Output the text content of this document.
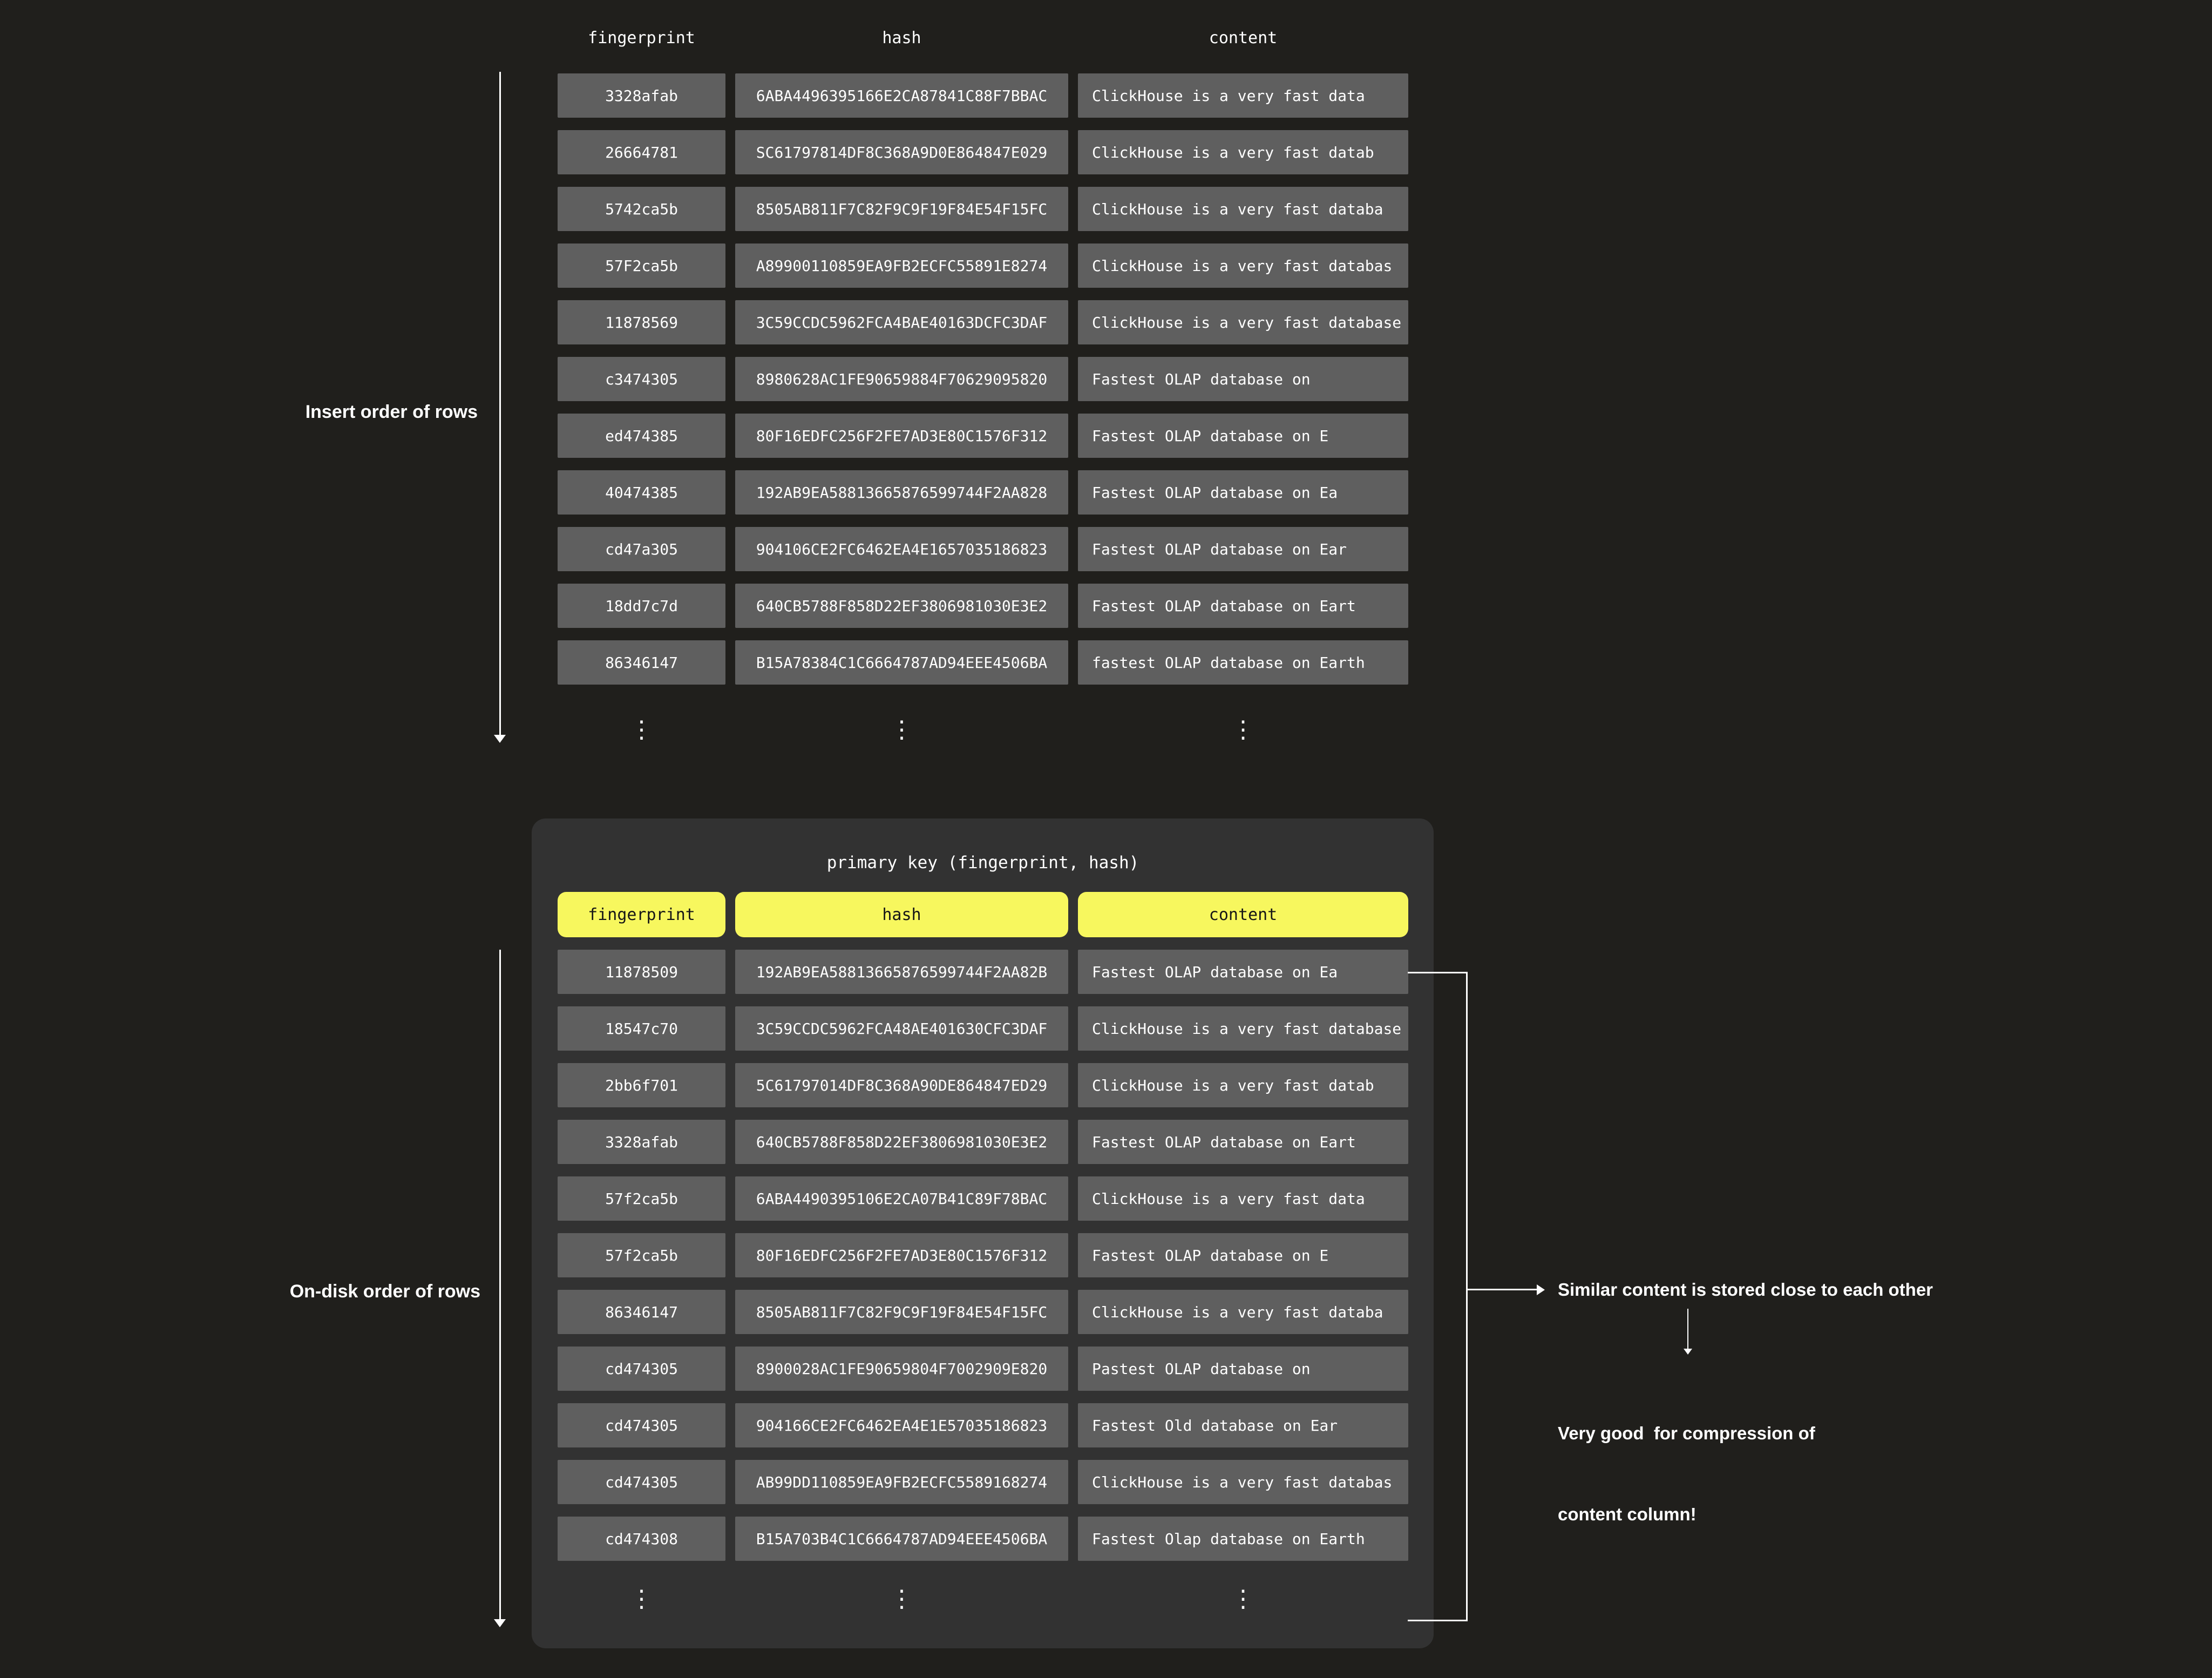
fingerprint	hash	content
3328afab	6ABA4496395166E2CA87841C88F7BBAC	ClickHouse is a very fast data
26664781	SC61797814DF8C368A9D0E864847E029	ClickHouse is a very fast datab
5742ca5b	8505AB811F7C82F9C9F19F84E54F15FC	ClickHouse is a very fast databa
57F2ca5b	A89900110859EA9FB2ECFC55891E8274	ClickHouse is a very fast databas
11878569	3C59CCDC5962FCA4BAE40163DCFC3DAF	ClickHouse is a very fast database
c3474305	8980628AC1FE90659884F70629095820	Fastest OLAP database on
ed474385	80F16EDFC256F2FE7AD3E80C1576F312	Fastest OLAP database on E
40474385	192AB9EA58813665876599744F2AA828	Fastest OLAP database on Ea
cd47a305	904106CE2FC6462EA4E1657035186823	Fastest OLAP database on Ear
18dd7c7d	640CB5788F858D22EF3806981030E3E2	Fastest OLAP database on Eart
86346147	B15A78384C1C6664787AD94EEE4506BA	fastest OLAP database on Earth
⋮	⋮	⋮
Insert order of rows
primary key (fingerprint, hash)
fingerprint	hash	content
11878509	192AB9EA58813665876599744F2AA82B	Fastest OLAP database on Ea
18547c70	3C59CCDC5962FCA48AE401630CFC3DAF	ClickHouse is a very fast database
2bb6f701	5C61797014DF8C368A90DE864847ED29	ClickHouse is a very fast datab
3328afab	640CB5788F858D22EF3806981030E3E2	Fastest OLAP database on Eart
57f2ca5b	6ABA4490395106E2CA07B41C89F78BAC	ClickHouse is a very fast data
57f2ca5b	80F16EDFC256F2FE7AD3E80C1576F312	Fastest OLAP database on E
86346147	8505AB811F7C82F9C9F19F84E54F15FC	ClickHouse is a very fast databa
cd474305	8900028AC1FE90659804F7002909E820	Pastest OLAP database on
cd474305	904166CE2FC6462EA4E1E57035186823	Fastest Old database on Ear
cd474305	AB99DD110859EA9FB2ECFC5589168274	ClickHouse is a very fast databas
cd474308	B15A703B4C1C6664787AD94EEE4506BA	Fastest Olap database on Earth
⋮	⋮	⋮
On-disk order of rows	Similar content is stored close to each other

Very good  for compression of

content column!
